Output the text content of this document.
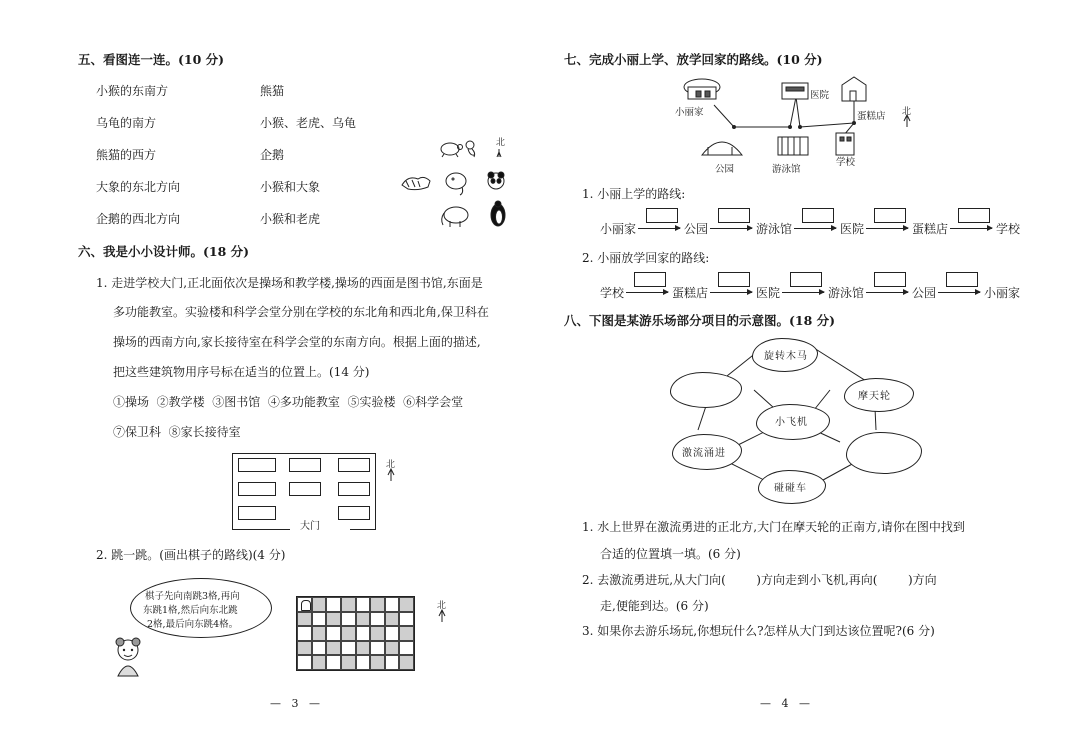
五、看图连一连。(10 分)
小猴的东南方	熊猫
乌龟的南方	小猴、老虎、乌龟
熊猫的西方	企鹅
大象的东北方向	小猴和大象
企鹅的西北方向	小猴和老虎
北
六、我是小小设计师。(18 分)
1. 走进学校大门,正北面依次是操场和教学楼,操场的西面是图书馆,东面是
多功能教室。实验楼和科学会堂分别在学校的东北角和西北角,保卫科在
操场的西南方向,家长接待室在科学会堂的东南方向。根据上面的描述,
把这些建筑物用序号标在适当的位置上。(14 分)
①操场  ②教学楼  ③图书馆  ④多功能教室  ⑤实验楼  ⑥科学会堂
⑦保卫科  ⑧家长接待室
大门
北
2. 跳一跳。(画出棋子的路线)(4 分)
棋子先向南跳3格,再向
东跳1格,然后向东北跳
2格,最后向东跳4格。
北
—   3   —
七、完成小丽上学、放学回家的路线。(10 分)
小丽家
医院
蛋糕店
公园	游泳馆
学校
北
1. 小丽上学的路线:
小丽家	公园	游泳馆	医院	蛋糕店	学校
2. 小丽放学回家的路线:
学校	蛋糕店	医院	游泳馆	公园	小丽家
八、下图是某游乐场部分项目的示意图。(18 分)
旋转木马
摩天轮
小飞机
激流涌进
碰碰车
1. 水上世界在激流勇进的正北方,大门在摩天轮的正南方,请你在图中找到
合适的位置填一填。(6 分)
2. 去激流勇进玩,从大门向(        )方向走到小飞机,再向(        )方向
走,便能到达。(6 分)
3. 如果你去游乐场玩,你想玩什么?怎样从大门到达该位置呢?(6 分)
—   4   —
